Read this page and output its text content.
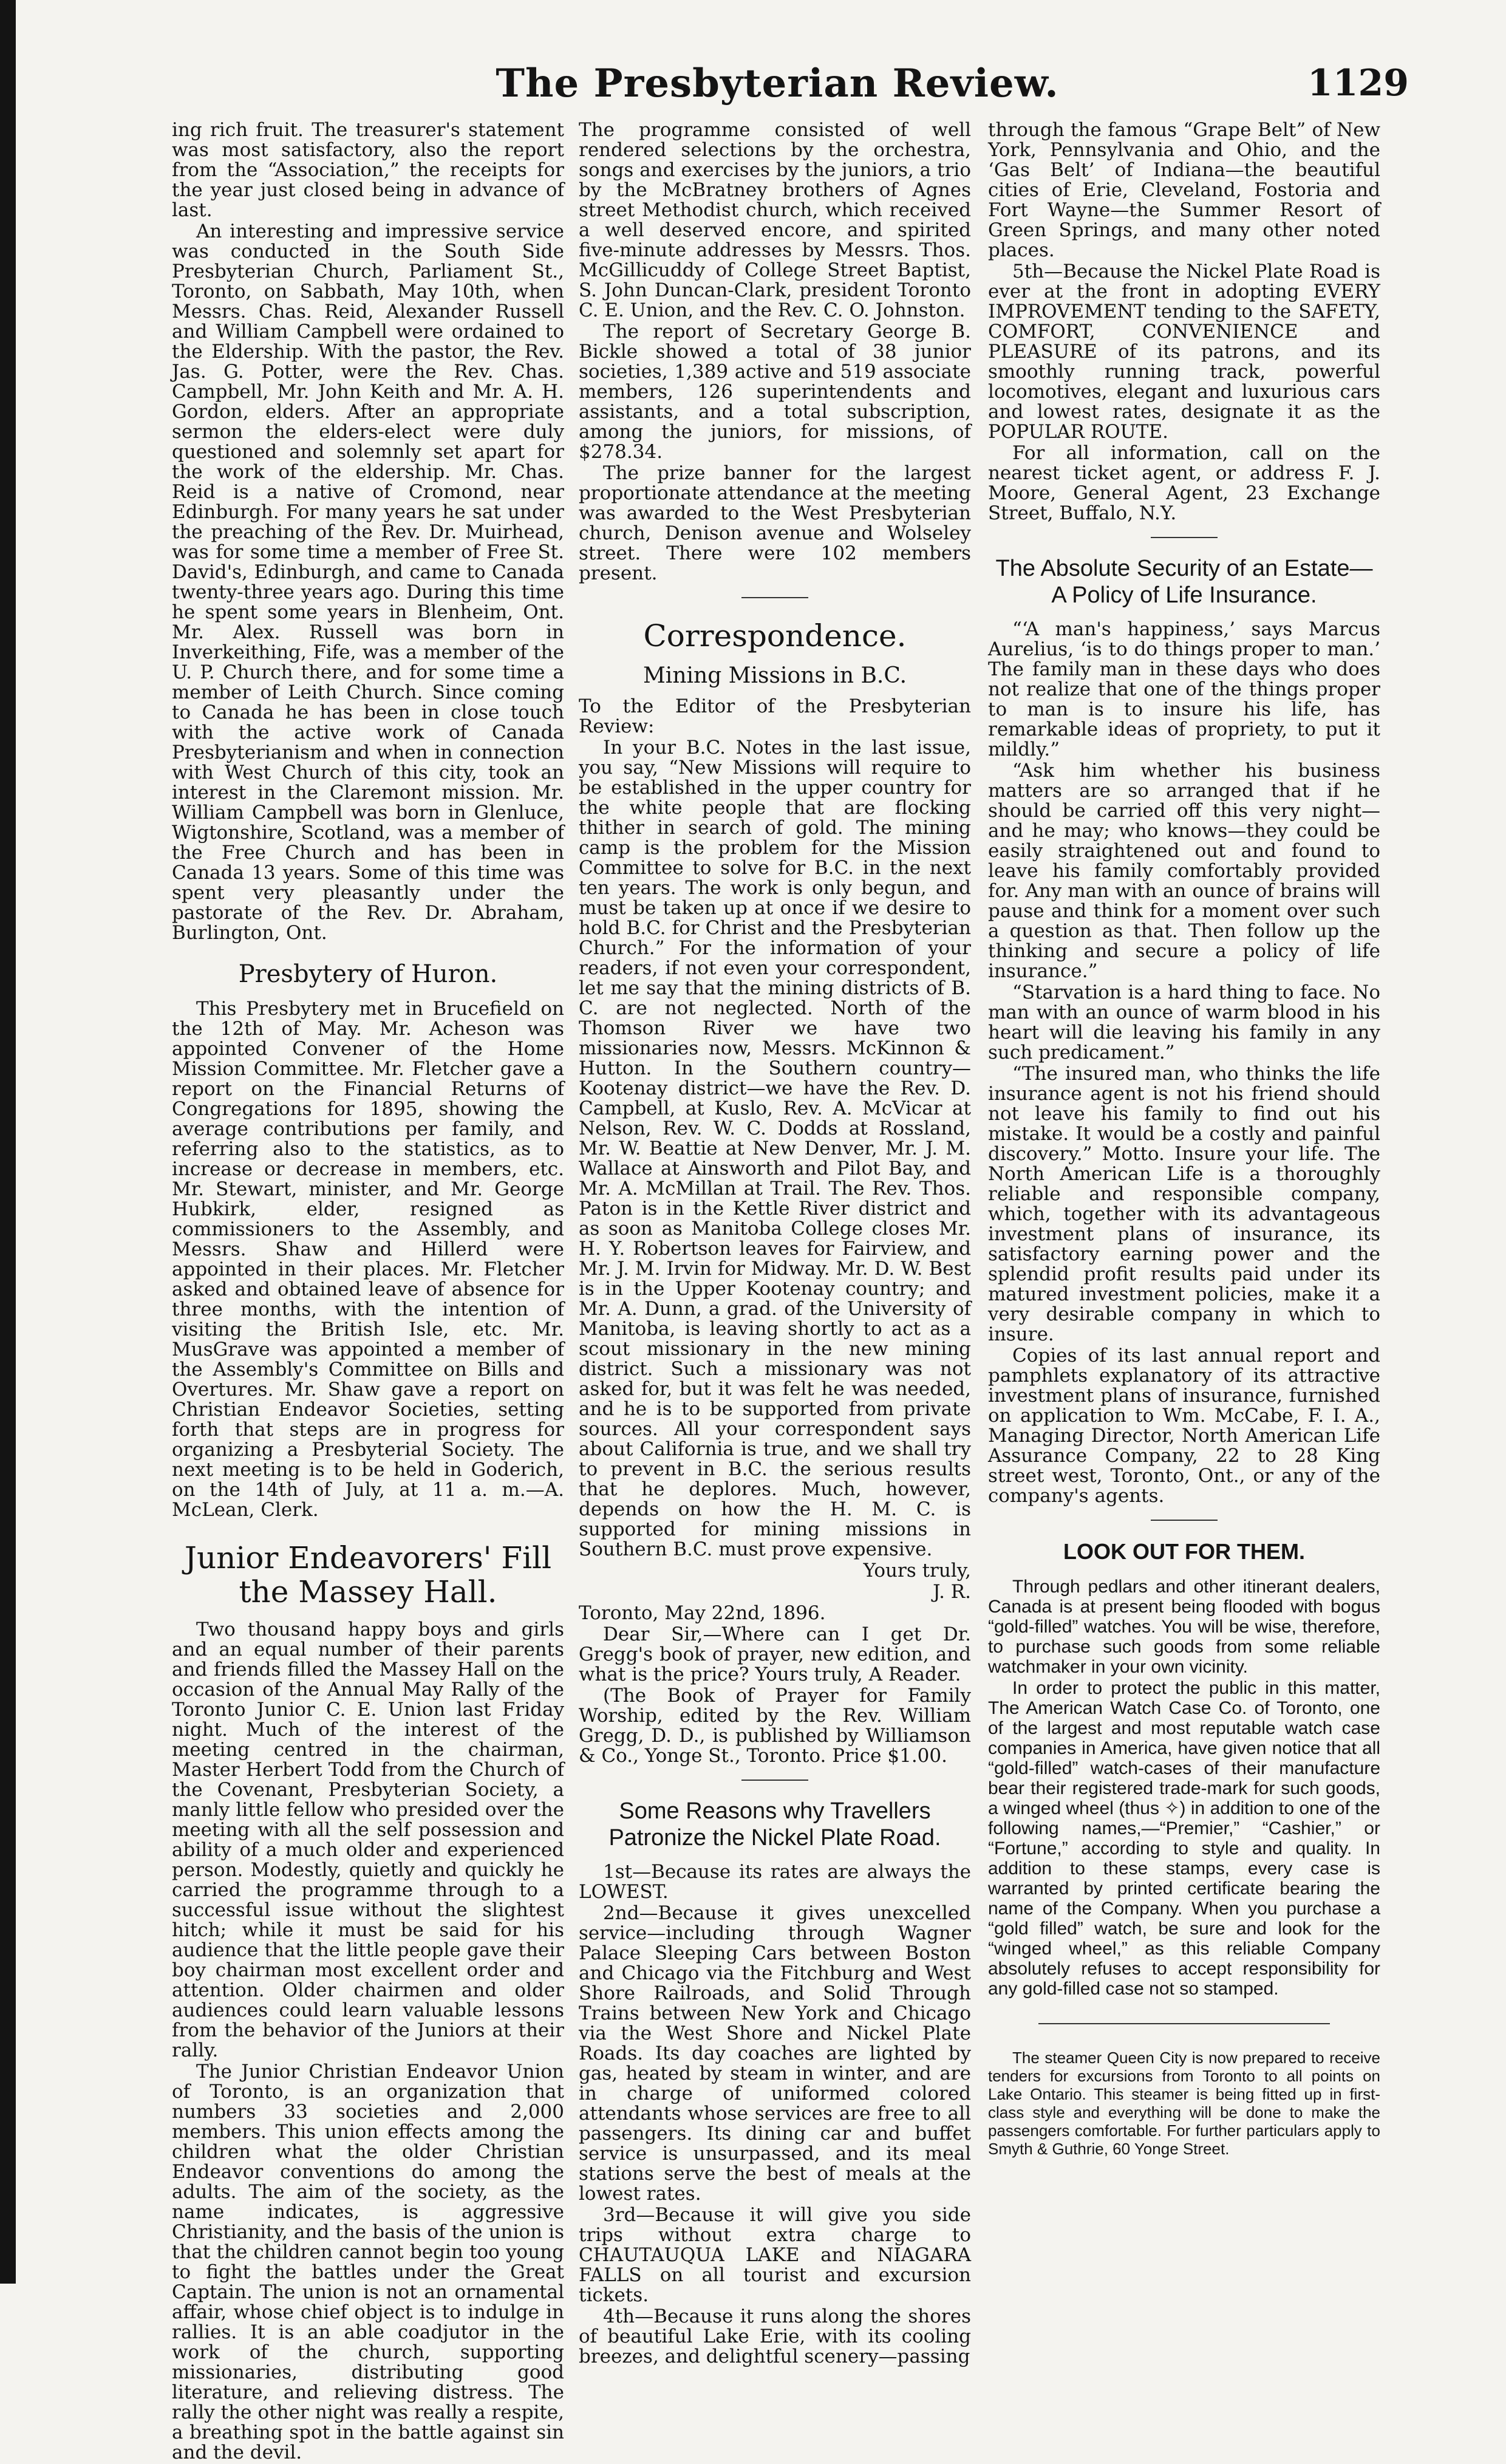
The Presbyterian Review.	1129

ing rich fruit. The treasurer's statement was most satisfactory, also the report from the “Association,” the receipts for the year just closed being in advance of last.

An interesting and impressive service was conducted in the South Side Presbyterian Church, Parliament St., Toronto, on Sabbath, May 10th, when Messrs. Chas. Reid, Alexander Russell and William Campbell were ordained to the Eldership. With the pastor, the Rev. Jas. G. Potter, were the Rev. Chas. Campbell, Mr. John Keith and Mr. A. H. Gordon, elders. After an appropriate sermon the elders-elect were duly questioned and solemnly set apart for the work of the eldership. Mr. Chas. Reid is a native of Cromond, near Edinburgh. For many years he sat under the preaching of the Rev. Dr. Muirhead, was for some time a member of Free St. David's, Edinburgh, and came to Canada twenty-three years ago. During this time he spent some years in Blenheim, Ont. Mr. Alex. Russell was born in Inverkeithing, Fife, was a member of the U. P. Church there, and for some time a member of Leith Church. Since coming to Canada he has been in close touch with the active work of Canada Presbyterianism and when in connection with West Church of this city, took an interest in the Claremont mission. Mr. William Campbell was born in Glenluce, Wigtonshire, Scotland, was a member of the Free Church and has been in Canada 13 years. Some of this time was spent very pleasantly under the pastorate of the Rev. Dr. Abraham, Burlington, Ont.

Presbytery of Huron.

This Presbytery met in Brucefield on the 12th of May. Mr. Acheson was appointed Convener of the Home Mission Committee. Mr. Fletcher gave a report on the Financial Returns of Congregations for 1895, showing the average contributions per family, and referring also to the statistics, as to increase or decrease in members, etc. Mr. Stewart, minister, and Mr. George Hubkirk, elder, resigned as commissioners to the Assembly, and Messrs. Shaw and Hillerd were appointed in their places. Mr. Fletcher asked and obtained leave of absence for three months, with the intention of visiting the British Isle, etc. Mr. MusGrave was appointed a member of the Assembly's Committee on Bills and Overtures. Mr. Shaw gave a report on Christian Endeavor Societies, setting forth that steps are in progress for organizing a Presbyterial Society. The next meeting is to be held in Goderich, on the 14th of July, at 11 a. m.—A. McLean, Clerk.

Junior Endeavorers' Fill the Massey Hall.

Two thousand happy boys and girls and an equal number of their parents and friends filled the Massey Hall on the occasion of the Annual May Rally of the Toronto Junior C. E. Union last Friday night. Much of the interest of the meeting centred in the chairman, Master Herbert Todd from the Church of the Covenant, Presbyterian Society, a manly little fellow who presided over the meeting with all the self possession and ability of a much older and experienced person. Modestly, quietly and quickly he carried the programme through to a successful issue without the slightest hitch; while it must be said for his audience that the little people gave their boy chairman most excellent order and attention. Older chairmen and older audiences could learn valuable lessons from the behavior of the Juniors at their rally.

The Junior Christian Endeavor Union of Toronto, is an organization that numbers 33 societies and 2,000 members. This union effects among the children what the older Christian Endeavor conventions do among the adults. The aim of the society, as the name indicates, is aggressive Christianity, and the basis of the union is that the children cannot begin too young to fight the battles under the Great Captain. The union is not an ornamental affair, whose chief object is to indulge in rallies. It is an able coadjutor in the work of the church, supporting missionaries, distributing good literature, and relieving distress. The rally the other night was really a respite, a breathing spot in the battle against sin and the devil.

The programme consisted of well rendered selections by the orchestra, songs and exercises by the juniors, a trio by the McBratney brothers of Agnes street Methodist church, which received a well deserved encore, and spirited five-minute addresses by Messrs. Thos. McGillicuddy of College Street Baptist, S. John Duncan-Clark, president Toronto C. E. Union, and the Rev. C. O. Johnston.

The report of Secretary George B. Bickle showed a total of 38 junior societies, 1,389 active and 519 associate members, 126 superintendents and assistants, and a total subscription, among the juniors, for missions, of $278.34.

The prize banner for the largest proportionate attendance at the meeting was awarded to the West Presbyterian church, Denison avenue and Wolseley street. There were 102 members present.

Correspondence.
Mining Missions in B.C.

To the Editor of the Presbyterian Review:

In your B.C. Notes in the last issue, you say, “New Missions will require to be established in the upper country for the white people that are flocking thither in search of gold. The mining camp is the problem for the Mission Committee to solve for B.C. in the next ten years. The work is only begun, and must be taken up at once if we desire to hold B.C. for Christ and the Presbyterian Church.” For the information of your readers, if not even your correspondent, let me say that the mining districts of B. C. are not neglected. North of the Thomson River we have two missionaries now, Messrs. McKinnon & Hutton. In the Southern country—Kootenay district—we have the Rev. D. Campbell, at Kuslo, Rev. A. McVicar at Nelson, Rev. W. C. Dodds at Rossland, Mr. W. Beattie at New Denver, Mr. J. M. Wallace at Ainsworth and Pilot Bay, and Mr. A. McMillan at Trail. The Rev. Thos. Paton is in the Kettle River district and as soon as Manitoba College closes Mr. H. Y. Robertson leaves for Fairview, and Mr. J. M. Irvin for Midway. Mr. D. W. Best is in the Upper Kootenay country; and Mr. A. Dunn, a grad. of the University of Manitoba, is leaving shortly to act as a scout missionary in the new mining district. Such a missionary was not asked for, but it was felt he was needed, and he is to be supported from private sources. All your correspondent says about California is true, and we shall try to prevent in B.C. the serious results that he deplores. Much, however, depends on how the H. M. C. is supported for mining missions in Southern B.C. must prove expensive.

Yours truly,

J. R.

Toronto, May 22nd, 1896.

Dear Sir,—Where can I get Dr. Gregg's book of prayer, new edition, and what is the price? Yours truly, A Reader.

(The Book of Prayer for Family Worship, edited by the Rev. William Gregg, D. D., is published by Williamson & Co., Yonge St., Toronto. Price $1.00.

Some Reasons why Travellers Patronize the Nickel Plate Road.

1st—Because its rates are always the LOWEST.

2nd—Because it gives unexcelled service—including through Wagner Palace Sleeping Cars between Boston and Chicago via the Fitchburg and West Shore Railroads, and Solid Through Trains between New York and Chicago via the West Shore and Nickel Plate Roads. Its day coaches are lighted by gas, heated by steam in winter, and are in charge of uniformed colored attendants whose services are free to all passengers. Its dining car and buffet service is unsurpassed, and its meal stations serve the best of meals at the lowest rates.

3rd—Because it will give you side trips without extra charge to CHAUTAUQUA LAKE and NIAGARA FALLS on all tourist and excursion tickets.

4th—Because it runs along the shores of beautiful Lake Erie, with its cooling breezes, and delightful scenery—passing

through the famous “Grape Belt” of New York, Pennsylvania and Ohio, and the ‘Gas Belt’ of Indiana—the beautiful cities of Erie, Cleveland, Fostoria and Fort Wayne—the Summer Resort of Green Springs, and many other noted places.

5th—Because the Nickel Plate Road is ever at the front in adopting EVERY IMPROVEMENT tending to the SAFETY, COMFORT, CONVENIENCE and PLEASURE of its patrons, and its smoothly running track, powerful locomotives, elegant and luxurious cars and lowest rates, designate it as the POPULAR ROUTE.

For all information, call on the nearest ticket agent, or address F. J. Moore, General Agent, 23 Exchange Street, Buffalo, N.Y.

The Absolute Security of an Estate—A Policy of Life Insurance.

“‘A man's happiness,’ says Marcus Aurelius, ‘is to do things proper to man.’ The family man in these days who does not realize that one of the things proper to man is to insure his life, has remarkable ideas of propriety, to put it mildly.”

“Ask him whether his business matters are so arranged that if he should be carried off this very night—and he may; who knows—they could be easily straightened out and found to leave his family comfortably provided for. Any man with an ounce of brains will pause and think for a moment over such a question as that. Then follow up the thinking and secure a policy of life insurance.”

“Starvation is a hard thing to face. No man with an ounce of warm blood in his heart will die leaving his family in any such predicament.”

“The insured man, who thinks the life insurance agent is not his friend should not leave his family to find out his mistake. It would be a costly and painful discovery.” Motto. Insure your life. The North American Life is a thoroughly reliable and responsible company, which, together with its advantageous investment plans of insurance, its satisfactory earning power and the splendid profit results paid under its matured investment policies, make it a very desirable company in which to insure.

Copies of its last annual report and pamphlets explanatory of its attractive investment plans of insurance, furnished on application to Wm. McCabe, F. I. A., Managing Director, North American Life Assurance Company, 22 to 28 King street west, Toronto, Ont., or any of the company's agents.

LOOK OUT FOR THEM.

Through pedlars and other itinerant dealers, Canada is at present being flooded with bogus “gold-filled” watches. You will be wise, therefore, to purchase such goods from some reliable watchmaker in your own vicinity.

In order to protect the public in this matter, The American Watch Case Co. of Toronto, one of the largest and most reputable watch case companies in America, have given notice that all “gold-filled” watch-cases of their manufacture bear their registered trade-mark for such goods, a winged wheel (thus ✧) in addition to one of the following names,—“Premier,” “Cashier,” or “Fortune,” according to style and quality. In addition to these stamps, every case is warranted by printed certificate bearing the name of the Company. When you purchase a “gold filled” watch, be sure and look for the “winged wheel,” as this reliable Company absolutely refuses to accept responsibility for any gold-filled case not so stamped.

The steamer Queen City is now prepared to receive tenders for excursions from Toronto to all points on Lake Ontario. This steamer is being fitted up in first-class style and everything will be done to make the passengers comfortable. For further particulars apply to Smyth & Guthrie, 60 Yonge Street.
